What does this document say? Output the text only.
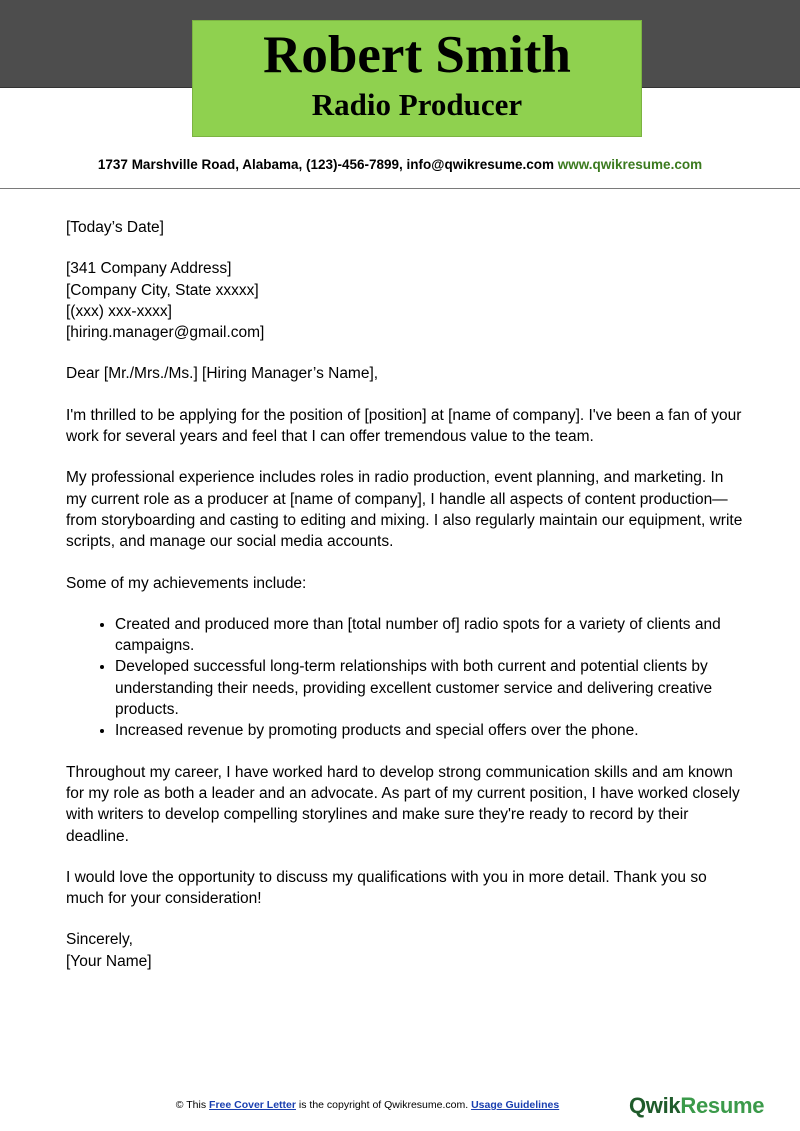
Robert Smith
Radio Producer
1737 Marshville Road, Alabama, (123)-456-7899, info@qwikresume.com www.qwikresume.com

[Today’s Date]

[341 Company Address]
[Company City, State xxxxx]
[(xxx) xxx-xxxx]
[hiring.manager@gmail.com]

Dear [Mr./Mrs./Ms.] [Hiring Manager’s Name],

I'm thrilled to be applying for the position of [position] at [name of company]. I've been a fan of your work for several years and feel that I can offer tremendous value to the team.

My professional experience includes roles in radio production, event planning, and marketing. In my current role as a producer at [name of company], I handle all aspects of content production—from storyboarding and casting to editing and mixing. I also regularly maintain our equipment, write scripts, and manage our social media accounts.

Some of my achievements include:

• Created and produced more than [total number of] radio spots for a variety of clients and campaigns.
• Developed successful long-term relationships with both current and potential clients by understanding their needs, providing excellent customer service and delivering creative products.
• Increased revenue by promoting products and special offers over the phone.

Throughout my career, I have worked hard to develop strong communication skills and am known for my role as both a leader and an advocate. As part of my current position, I have worked closely with writers to develop compelling storylines and make sure they're ready to record by their deadline.

I would love the opportunity to discuss my qualifications with you in more detail. Thank you so much for your consideration!

Sincerely,
[Your Name]
© This Free Cover Letter is the copyright of Qwikresume.com. Usage Guidelines	QwikResume
